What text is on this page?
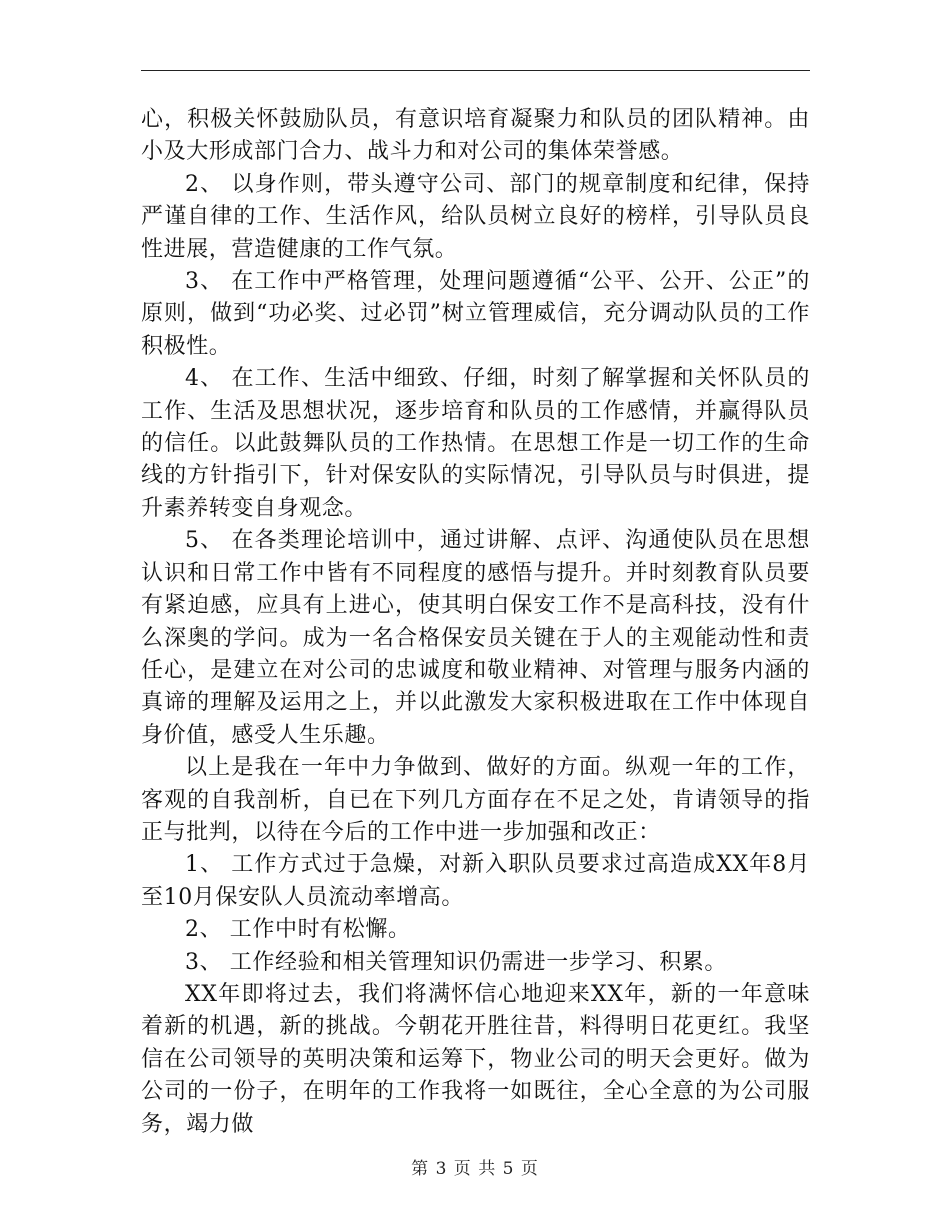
心，积极关怀鼓励队员，有意识培育凝聚力和队员的团队精神。由小及大形成部门合力、战斗力和对公司的集体荣誉感。

2、 以身作则，带头遵守公司、部门的规章制度和纪律，保持严谨自律的工作、生活作风，给队员树立良好的榜样，引导队员良性进展，营造健康的工作气氛。

3、 在工作中严格管理，处理问题遵循“公平、公开、公正”的原则，做到“功必奖、过必罚”树立管理威信，充分调动队员的工作积极性。

4、 在工作、生活中细致、仔细，时刻了解掌握和关怀队员的工作、生活及思想状况，逐步培育和队员的工作感情，并赢得队员的信任。以此鼓舞队员的工作热情。在思想工作是一切工作的生命线的方针指引下，针对保安队的实际情况，引导队员与时俱进，提升素养转变自身观念。

5、 在各类理论培训中，通过讲解、点评、沟通使队员在思想认识和日常工作中皆有不同程度的感悟与提升。并时刻教育队员要有紧迫感，应具有上进心，使其明白保安工作不是高科技，没有什么深奥的学问。成为一名合格保安员关键在于人的主观能动性和责任心，是建立在对公司的忠诚度和敬业精神、对管理与服务内涵的真谛的理解及运用之上，并以此激发大家积极进取在工作中体现自身价值，感受人生乐趣。

以上是我在一年中力争做到、做好的方面。纵观一年的工作，客观的自我剖析，自已在下列几方面存在不足之处，肯请领导的指正与批判，以待在今后的工作中进一步加强和改正：

1、 工作方式过于急燥，对新入职队员要求过高造成XX年8月至10月保安队人员流动率增高。

2、 工作中时有松懈。

3、 工作经验和相关管理知识仍需进一步学习、积累。

XX年即将过去，我们将满怀信心地迎来XX年，新的一年意味着新的机遇，新的挑战。今朝花开胜往昔，料得明日花更红。我坚信在公司领导的英明决策和运筹下，物业公司的明天会更好。做为公司的一份子，在明年的工作我将一如既往，全心全意的为公司服务，竭力做

第 3 页 共 5 页
